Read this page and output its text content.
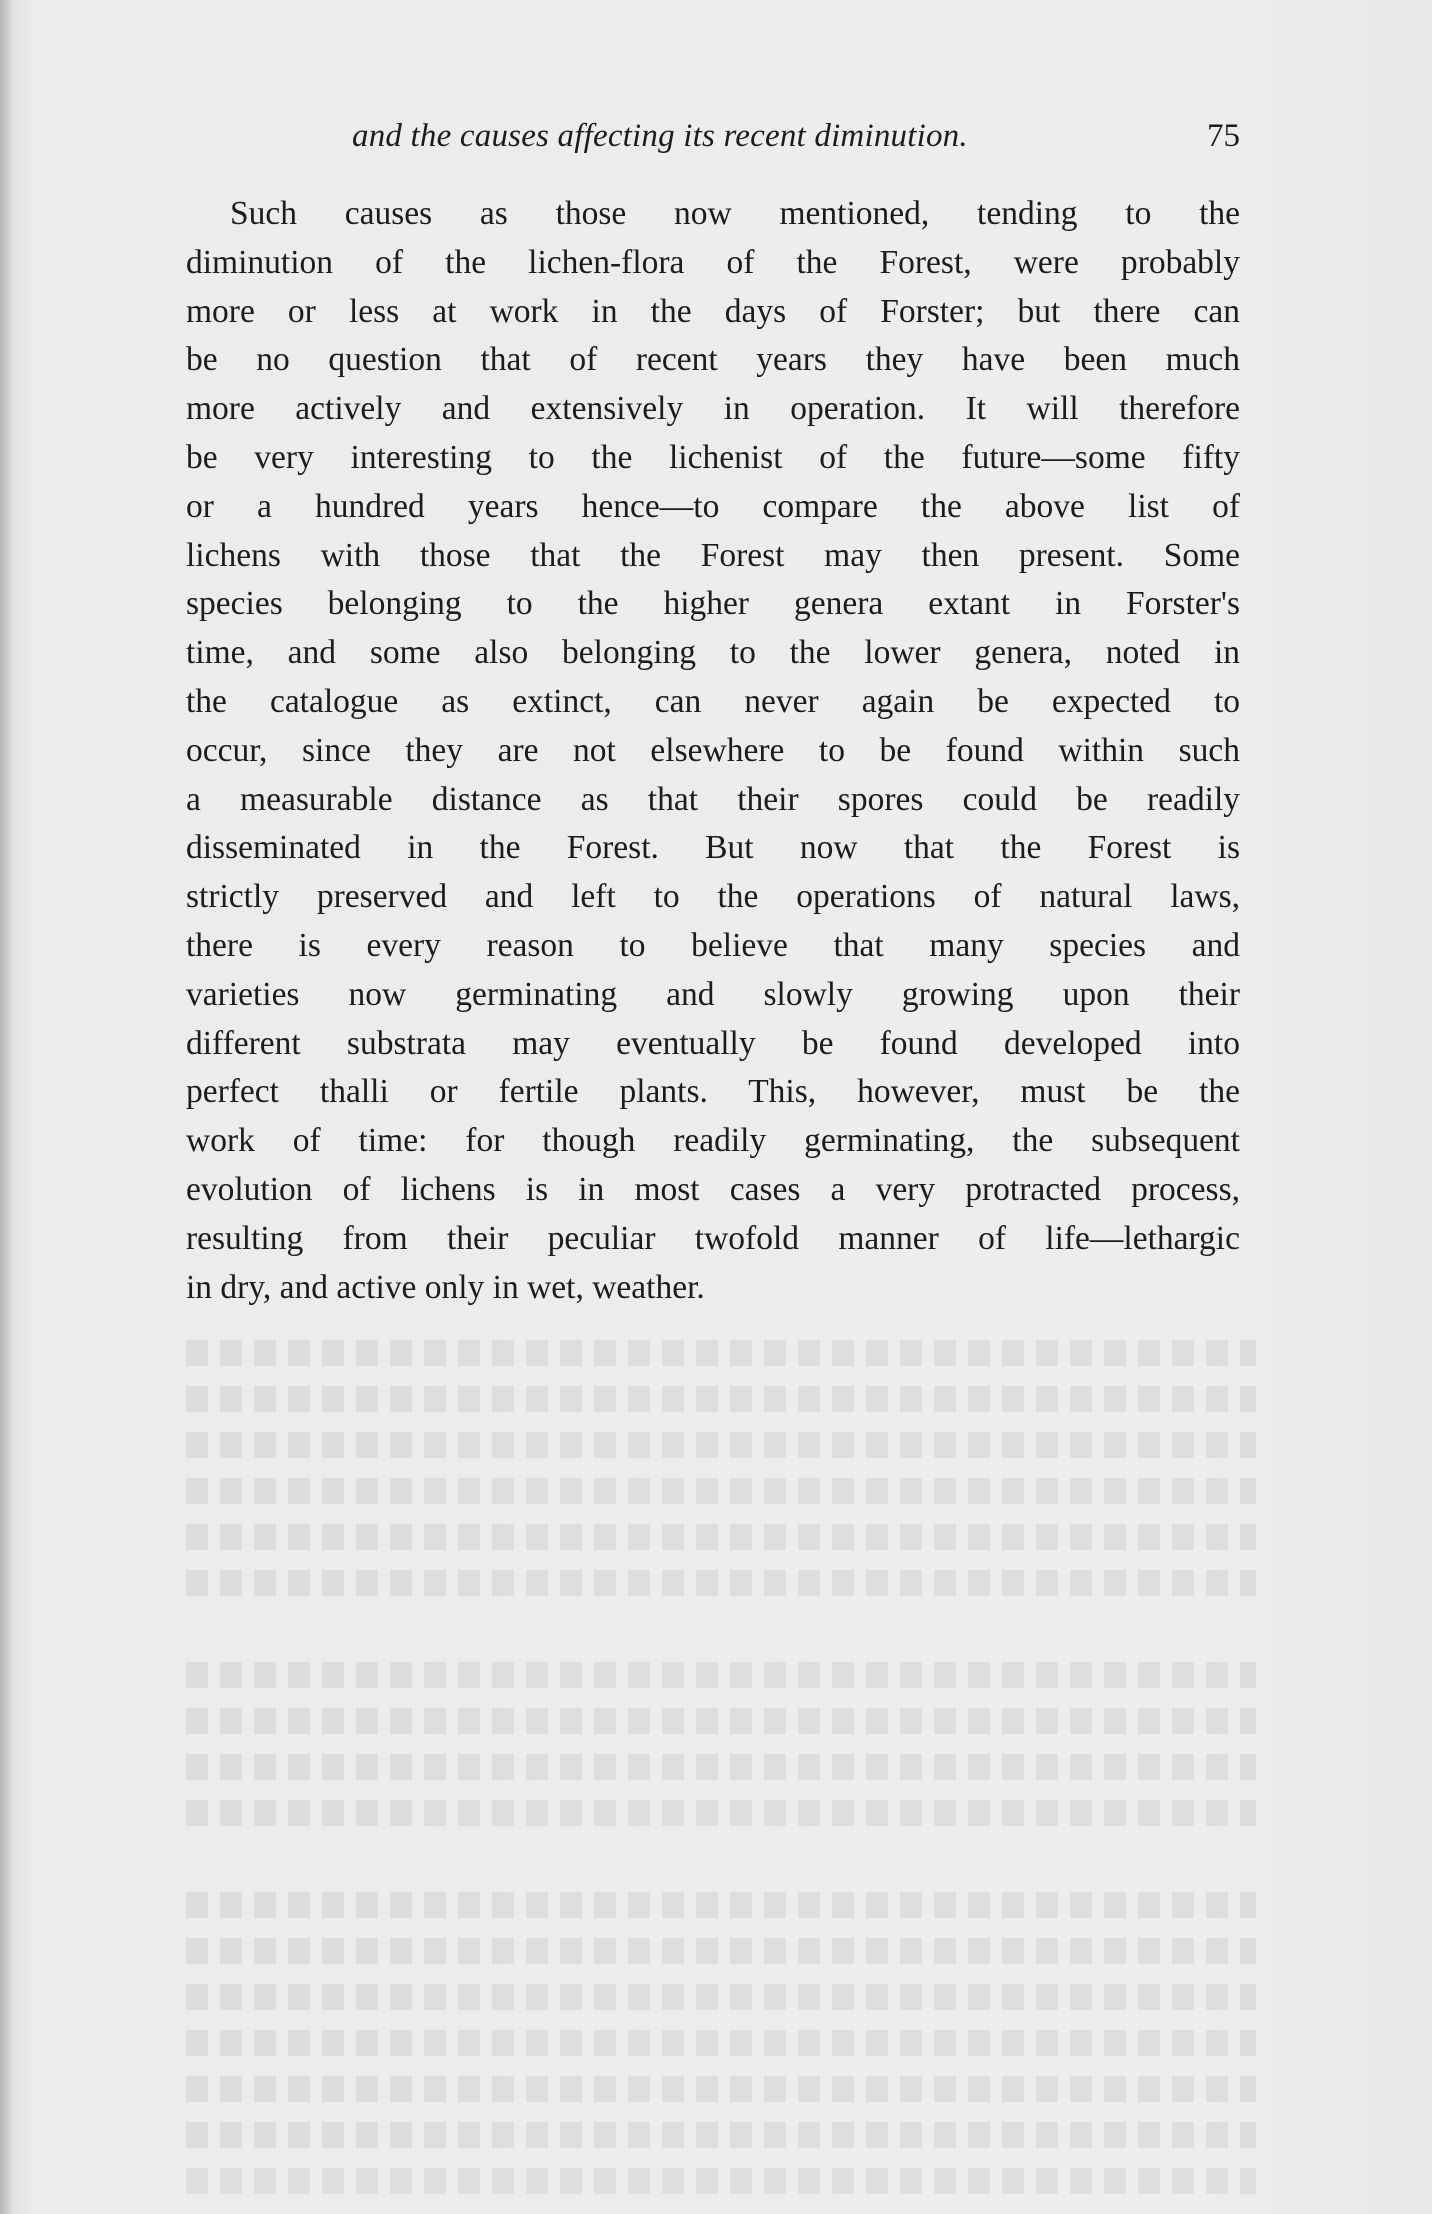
and the causes affecting its recent diminution.	75
Such causes as those now mentioned, tending to the
diminution of the lichen-flora of the Forest, were probably
more or less at work in the days of Forster; but there can
be no question that of recent years they have been much
more actively and extensively in operation. It will therefore
be very interesting to the lichenist of the future—some fifty
or a hundred years hence—to compare the above list of
lichens with those that the Forest may then present. Some
species belonging to the higher genera extant in Forster's
time, and some also belonging to the lower genera, noted in
the catalogue as extinct, can never again be expected to
occur, since they are not elsewhere to be found within such
a measurable distance as that their spores could be readily
disseminated in the Forest. But now that the Forest is
strictly preserved and left to the operations of natural laws,
there is every reason to believe that many species and
varieties now germinating and slowly growing upon their
different substrata may eventually be found developed into
perfect thalli or fertile plants. This, however, must be the
work of time: for though readily germinating, the subsequent
evolution of lichens is in most cases a very protracted process,
resulting from their peculiar twofold manner of life—lethargic
in dry, and active only in wet, weather.
